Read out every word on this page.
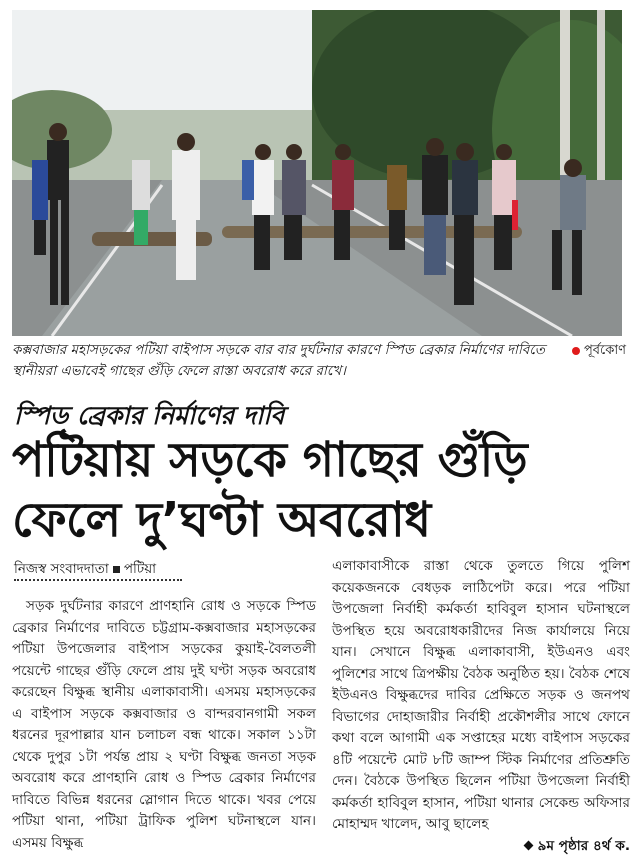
পূর্বকোণ
কক্সবাজার মহাসড়কের পটিয়া বাইপাস সড়কে বার বার দুর্ঘটনার কারণে স্পিড ব্রেকার নির্মাণের দাবিতে স্থানীয়রা এভাবেই গাছের গুঁড়ি ফেলে রাস্তা অবরোধ করে রাখে।
স্পিড ব্রেকার নির্মাণের দাবি
পটিয়ায় সড়কে গাছের গুঁড়ি
ফেলে দু’ঘণ্টা অবরোধ
নিজস্ব সংবাদদাতা পটিয়া
সড়ক দুর্ঘটনার কারণে প্রাণহানি রোধ ও সড়কে স্পিড ব্রেকার নির্মাণের দাবিতে চট্টগ্রাম-কক্সবাজার মহাসড়কের পটিয়া উপজেলার বাইপাস সড়কের কুয়াই-বৈলতলী পয়েন্টে গাছের গুঁড়ি ফেলে প্রায় দুই ঘণ্টা সড়ক অবরোধ করেছেন বিক্ষুব্ধ স্থানীয় এলাকাবাসী। এসময় মহাসড়কের এ বাইপাস সড়কে কক্সবাজার ও বান্দরবানগামী সকল ধরনের দূরপাল্লার যান চলাচল বন্ধ থাকে। সকাল ১১টা থেকে দুপুর ১টা পর্যন্ত প্রায় ২ ঘণ্টা বিক্ষুব্ধ জনতা সড়ক অবরোধ করে প্রাণহানি রোধ ও স্পিড ব্রেকার নির্মাণের দাবিতে বিভিন্ন ধরনের স্লোগান দিতে থাকে। খবর পেয়ে পটিয়া থানা, পটিয়া ট্রাফিক পুলিশ ঘটনাস্থলে যান। এসময় বিক্ষুব্ধ
এলাকাবাসীকে রাস্তা থেকে তুলতে গিয়ে পুলিশ কয়েকজনকে বেধড়ক লাঠিপেটা করে। পরে পটিয়া উপজেলা নির্বাহী কর্মকর্তা হাবিবুল হাসান ঘটনাস্থলে উপস্থিত হয়ে অবরোধকারীদের নিজ কার্যালয়ে নিয়ে যান। সেখানে বিক্ষুব্ধ এলাকাবাসী, ইউএনও এবং পুলিশের সাথে ত্রিপক্ষীয় বৈঠক অনুষ্ঠিত হয়। বৈঠক শেষে ইউএনও বিক্ষুব্ধদের দাবির প্রেক্ষিতে সড়ক ও জনপথ বিভাগের দোহাজারীর নির্বাহী প্রকৌশলীর সাথে ফোনে কথা বলে আগামী এক সপ্তাহের মধ্যে বাইপাস সড়কের ৪টি পয়েন্টে মোট ৮টি জাম্প স্টিক নির্মাণের প্রতিশ্রুতি দেন। বৈঠকে উপস্থিত ছিলেন পটিয়া উপজেলা নির্বাহী কর্মকর্তা হাবিবুল হাসান, পটিয়া থানার সেকেন্ড অফিসার মোহাম্মদ খালেদ, আবু ছালেহ
৯ম পৃষ্ঠার ৪র্থ ক.
